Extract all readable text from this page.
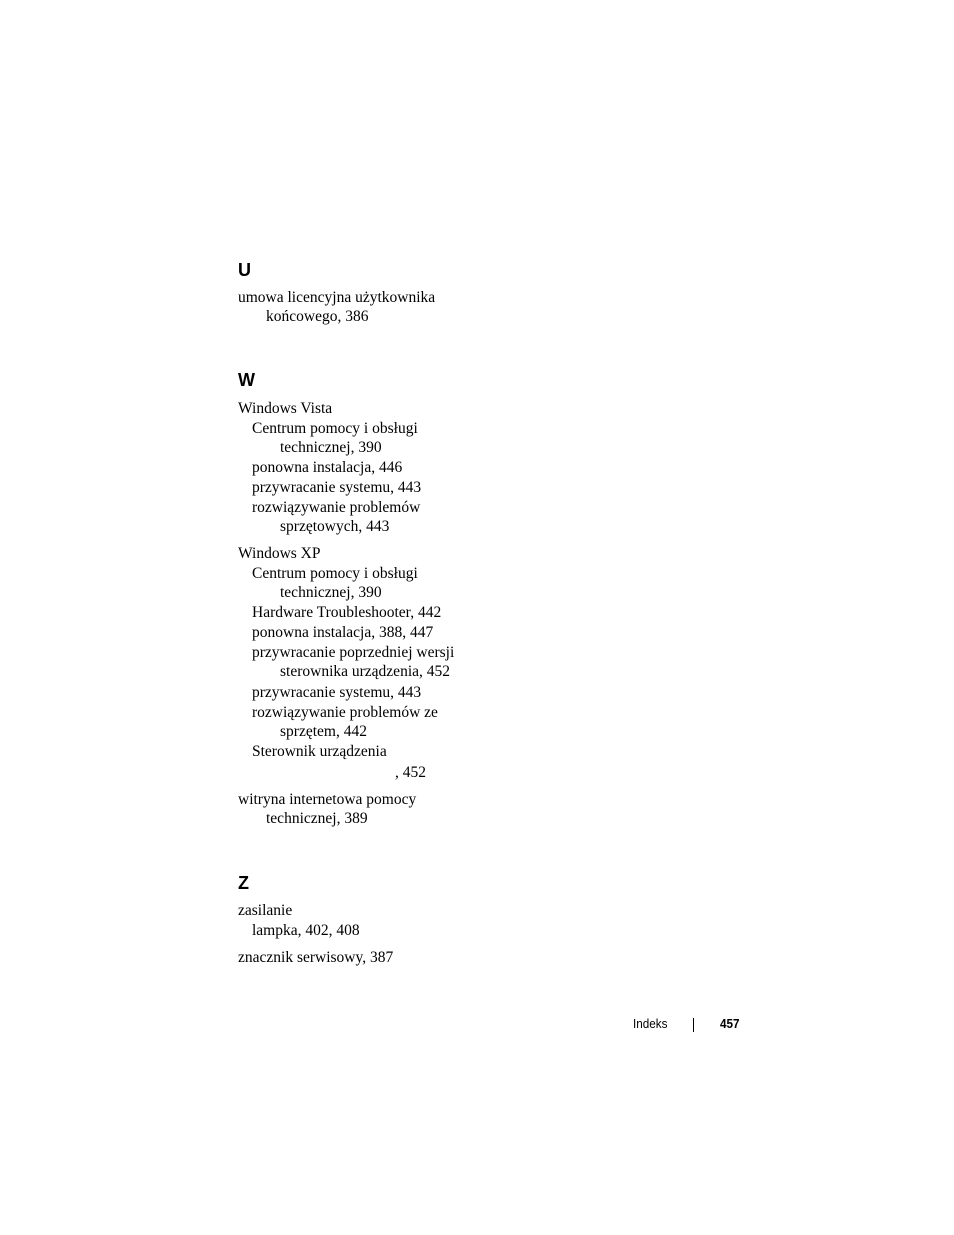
U
umowa licencyjna użytkownika
końcowego, 386
W
Windows Vista
Centrum pomocy i obsługi
technicznej, 390
ponowna instalacja, 446
przywracanie systemu, 443
rozwiązywanie problemów
sprzętowych, 443
Windows XP
Centrum pomocy i obsługi
technicznej, 390
Hardware Troubleshooter, 442
ponowna instalacja, 388, 447
przywracanie poprzedniej wersji
sterownika urządzenia, 452
przywracanie systemu, 443
rozwiązywanie problemów ze
sprzętem, 442
Sterownik urządzenia
, 452
witryna internetowa pomocy
technicznej, 389
Z
zasilanie
lampka, 402, 408
znacznik serwisowy, 387
Indeks	457
